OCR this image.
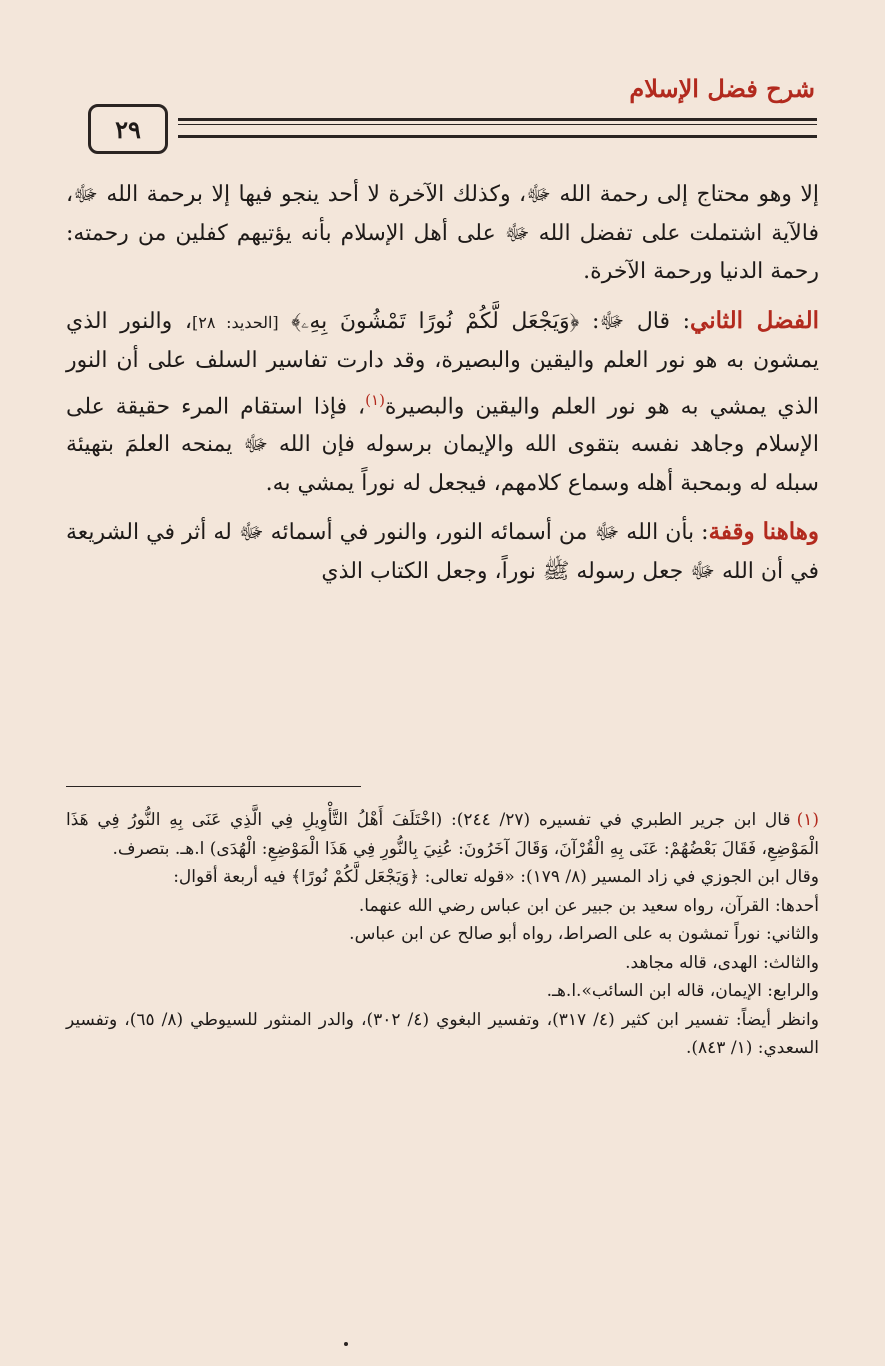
شرح فضل الإسلام
٢٩

إلا وهو محتاج إلى رحمة الله ﷻ، وكذلك الآخرة لا أحد ينجو فيها إلا برحمة الله ﷻ، فالآية اشتملت على تفضل الله ﷻ على أهل الإسلام بأنه يؤتيهم كفلين من رحمته: رحمة الدنيا ورحمة الآخرة.

الفضل الثاني: قال ﷻ: ﴿وَيَجْعَل لَّكُمْ نُورًا تَمْشُونَ بِهِۦ﴾ [الحديد: ٢٨]، والنور الذي يمشون به هو نور العلم واليقين والبصيرة، وقد دارت تفاسير السلف على أن النور الذي يمشي به هو نور العلم واليقين والبصيرة$^{(١)}$، فإذا استقام المرء حقيقة على الإسلام وجاهد نفسه بتقوى الله والإيمان برسوله فإن الله ﷻ يمنحه العلمَ بتهيئة سبله له وبمحبة أهله وسماع كلامهم، فيجعل له نوراً يمشي به.

وهاهنا وقفة: بأن الله ﷻ من أسمائه النور، والنور في أسمائه ﷻ له أثر في الشريعة في أن الله ﷻ جعل رسوله ﷺ نوراً، وجعل الكتاب الذي

(١)قال ابن جرير الطبري في تفسيره (٢٧/ ٢٤٤): (اخْتَلَفَ أَهْلُ التَّأْوِيلِ فِي الَّذِي عَنَى بِهِ النُّورُ فِي هَذَا الْمَوْضِعِ، فَقَالَ بَعْضُهُمْ: عَنَى بِهِ الْقُرْآنَ، وَقَالَ آخَرُونَ: عُنِيَ بِالنُّورِ فِي هَذَا الْمَوْضِعِ: الْهُدَى) ا.هـ. بتصرف.

وقال ابن الجوزي في زاد المسير (٨/ ١٧٩): «قوله تعالى: ﴿وَيَجْعَل لَّكُمْ نُورًا﴾ فيه أربعة أقوال:

أحدها: القرآن، رواه سعيد بن جبير عن ابن عباس رضي الله عنهما.

والثاني: نوراً تمشون به على الصراط، رواه أبو صالح عن ابن عباس.

والثالث: الهدى، قاله مجاهد.

والرابع: الإيمان، قاله ابن السائب».ا.هـ.

وانظر أيضاً: تفسير ابن كثير (٤/ ٣١٧)، وتفسير البغوي (٤/ ٣٠٢)، والدر المنثور للسيوطي (٨/ ٦٥)، وتفسير السعدي: (١/ ٨٤٣).
